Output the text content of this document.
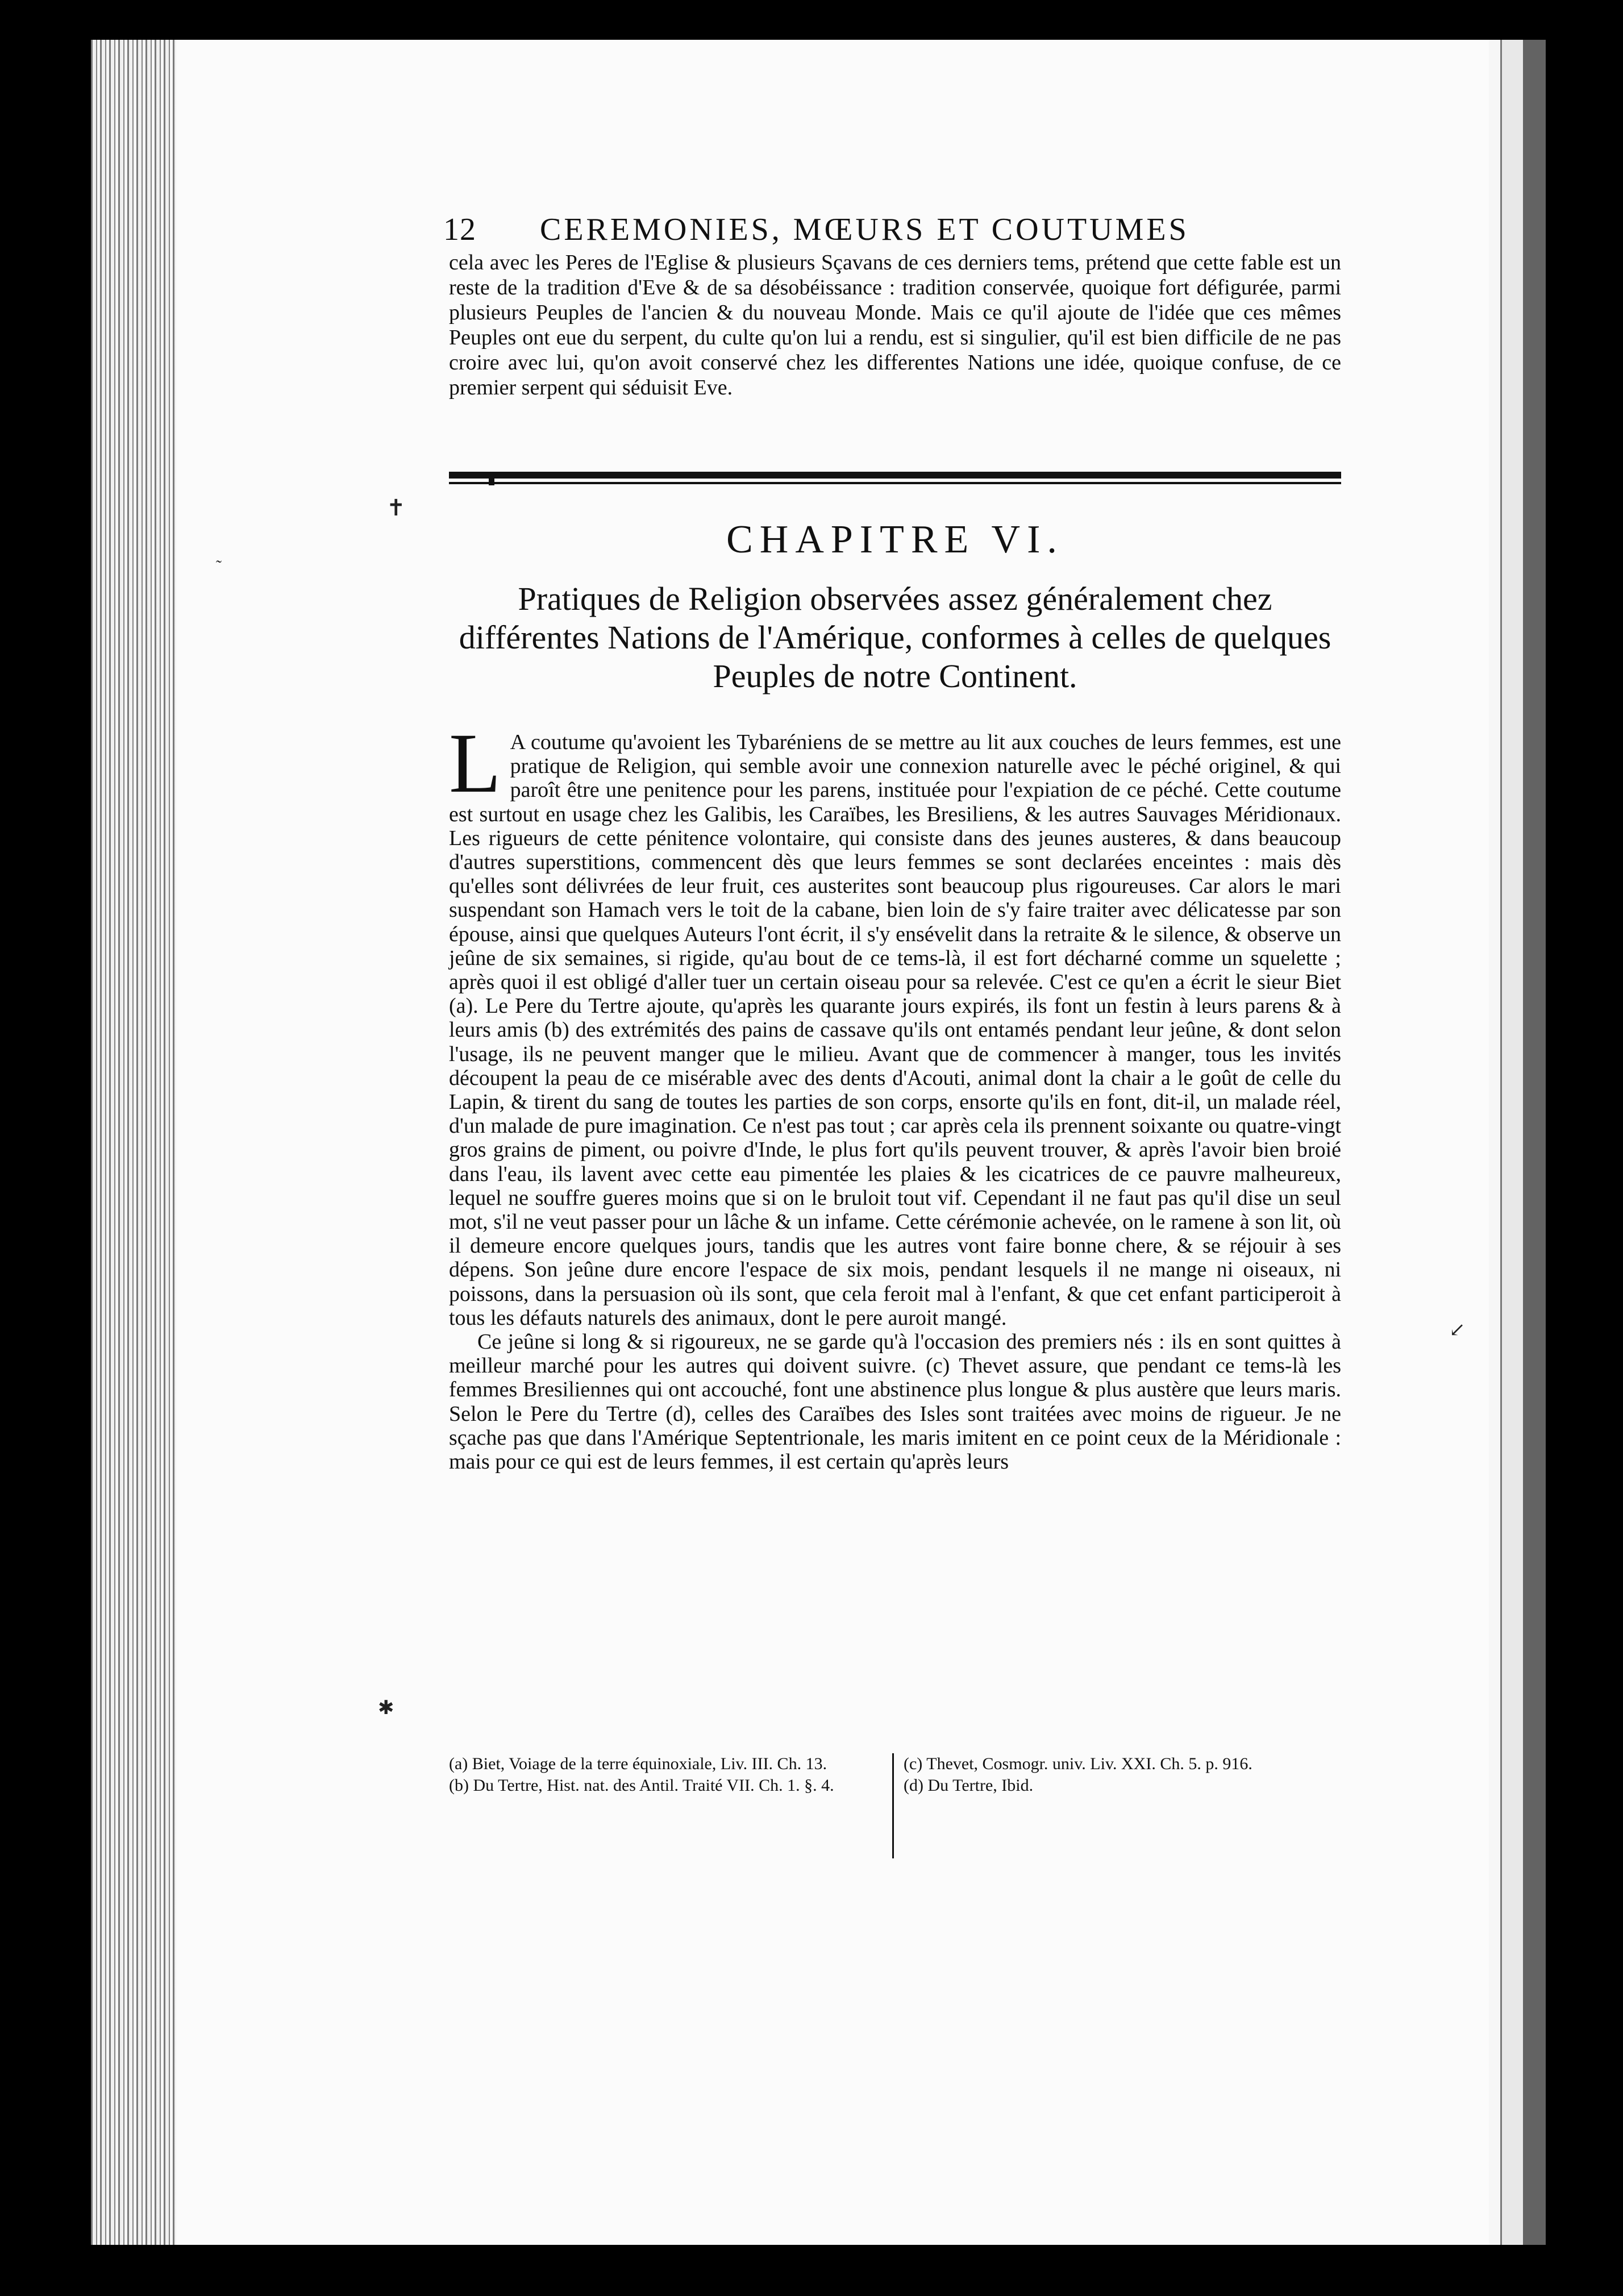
12 CEREMONIES, MŒURS ET COUTUMES
cela avec les Peres de l'Eglise & plusieurs Sçavans de ces derniers tems, prétend que cette fable est un reste de la tradition d'Eve & de sa désobéissance : tradition conservée, quoique fort défigurée, parmi plusieurs Peuples de l'ancien & du nouveau Monde. Mais ce qu'il ajoute de l'idée que ces mêmes Peuples ont eue du serpent, du culte qu'on lui a rendu, est si singulier, qu'il est bien difficile de ne pas croire avec lui, qu'on avoit conservé chez les differentes Nations une idée, quoique confuse, de ce premier serpent qui séduisit Eve.
CHAPITRE VI.
Pratiques de Religion observées assez généralement chez différentes Nations de l'Amérique, conformes à celles de quelques Peuples de notre Continent.
L A coutume qu'avoient les Tybaréniens de se mettre au lit aux couches de leurs femmes, est une pratique de Religion, qui semble avoir une connexion naturelle avec le péché originel, & qui paroît être une penitence pour les parens, instituée pour l'expiation de ce péché. Cette coutume est surtout en usage chez les Galibis, les Caraïbes, les Bresiliens, & les autres Sauvages Méridionaux. Les rigueurs de cette pénitence volontaire, qui consiste dans des jeunes austeres, & dans beaucoup d'autres superstitions, commencent dès que leurs femmes se sont declarées enceintes : mais dès qu'elles sont délivrées de leur fruit, ces austerites sont beaucoup plus rigoureuses. Car alors le mari suspendant son Hamach vers le toit de la cabane, bien loin de s'y faire traiter avec délicatesse par son épouse, ainsi que quelques Auteurs l'ont écrit, il s'y ensévelit dans la retraite & le silence, & observe un jeûne de six semaines, si rigide, qu'au bout de ce tems-là, il est fort décharné comme un squelette ; après quoi il est obligé d'aller tuer un certain oiseau pour sa relevée. C'est ce qu'en a écrit le sieur Biet (a). Le Pere du Tertre ajoute, qu'après les quarante jours expirés, ils font un festin à leurs parens & à leurs amis (b) des extrémités des pains de cassave qu'ils ont entamés pendant leur jeûne, & dont selon l'usage, ils ne peuvent manger que le milieu. Avant que de commencer à manger, tous les invités découpent la peau de ce misérable avec des dents d'Acouti, animal dont la chair a le goût de celle du Lapin, & tirent du sang de toutes les parties de son corps, ensorte qu'ils en font, dit-il, un malade réel, d'un malade de pure imagination. Ce n'est pas tout ; car après cela ils prennent soixante ou quatre-vingt gros grains de piment, ou poivre d'Inde, le plus fort qu'ils peuvent trouver, & après l'avoir bien broié dans l'eau, ils lavent avec cette eau pimentée les plaies & les cicatrices de ce pauvre malheureux, lequel ne souffre gueres moins que si on le bruloit tout vif. Cependant il ne faut pas qu'il dise un seul mot, s'il ne veut passer pour un lâche & un infame. Cette cérémonie achevée, on le ramene à son lit, où il demeure encore quelques jours, tandis que les autres vont faire bonne chere, & se réjouir à ses dépens. Son jeûne dure encore l'espace de six mois, pendant lesquels il ne mange ni oiseaux, ni poissons, dans la persuasion où ils sont, que cela feroit mal à l'enfant, & que cet enfant participeroit à tous les défauts naturels des animaux, dont le pere auroit mangé.

Ce jeûne si long & si rigoureux, ne se garde qu'à l'occasion des premiers nés : ils en sont quittes à meilleur marché pour les autres qui doivent suivre. (c) Thevet assure, que pendant ce tems-là les femmes Bresiliennes qui ont accouché, font une abstinence plus longue & plus austère que leurs maris. Selon le Pere du Tertre (d), celles des Caraïbes des Isles sont traitées avec moins de rigueur. Je ne sçache pas que dans l'Amérique Septentrionale, les maris imitent en ce point ceux de la Méridionale : mais pour ce qui est de leurs femmes, il est certain qu'après leurs

(a) Biet, Voiage de la terre équinoxiale, Liv. III. Ch. 13.

(b) Du Tertre, Hist. nat. des Antil. Traité VII. Ch. 1. §. 4.

(c) Thevet, Cosmogr. univ. Liv. XXI. Ch. 5. p. 916.

(d) Du Tertre, Ibid.

✝
˜
↙
✱
